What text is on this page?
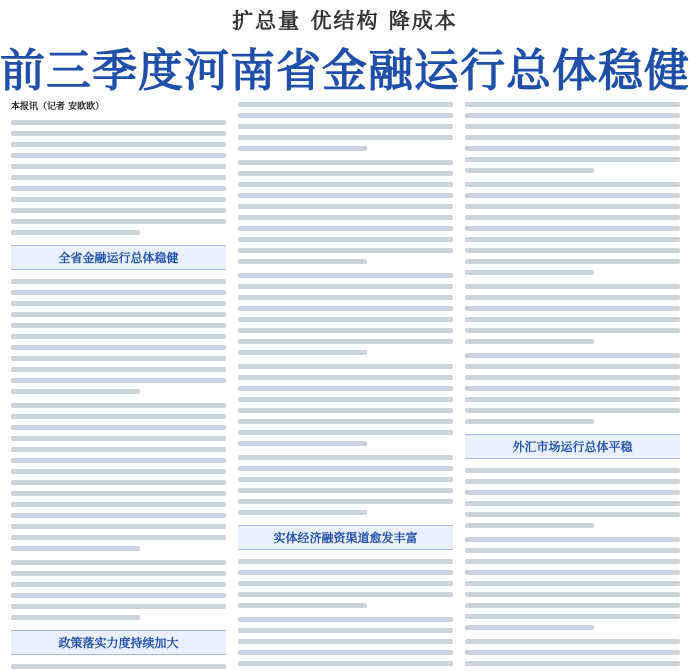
扩总量 优结构 降成本
前三季度河南省金融运行总体稳健
本报讯（记者 安欧欧）
全省金融运行总体稳健
政策落实力度持续加大
实体经济融资渠道愈发丰富
外汇市场运行总体平稳
